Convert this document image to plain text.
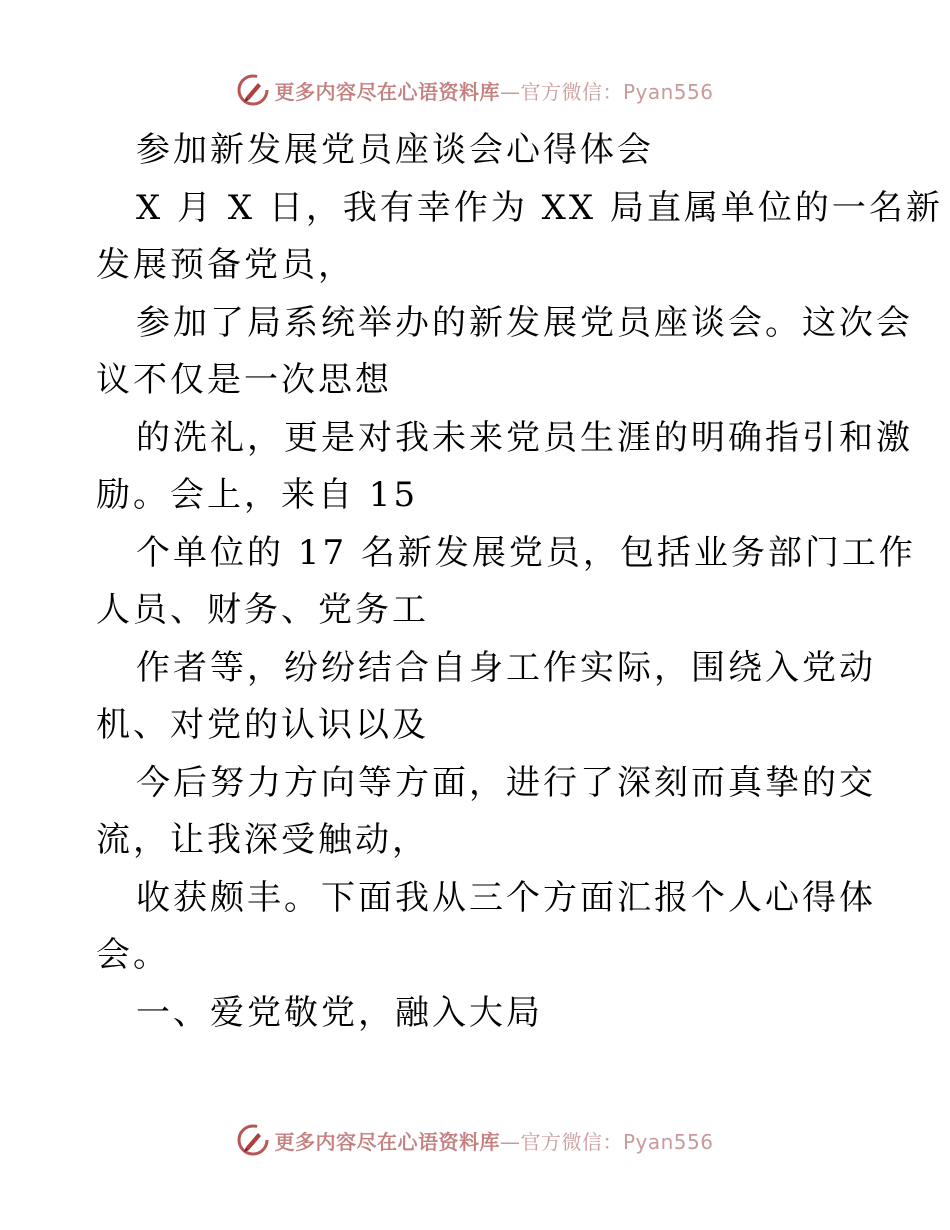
更多内容尽在心语资料库—官方微信：Pyan556
参加新发展党员座谈会心得体会
X 月 X 日，我有幸作为 XX 局直属单位的一名新
发展预备党员，
参加了局系统举办的新发展党员座谈会。这次会
议不仅是一次思想
的洗礼，更是对我未来党员生涯的明确指引和激
励。会上，来自 15
个单位的 17 名新发展党员，包括业务部门工作
人员、财务、党务工
作者等，纷纷结合自身工作实际，围绕入党动
机、对党的认识以及
今后努力方向等方面，进行了深刻而真挚的交
流，让我深受触动，
收获颇丰。下面我从三个方面汇报个人心得体
会。
一、爱党敬党，融入大局
更多内容尽在心语资料库—官方微信：Pyan556
